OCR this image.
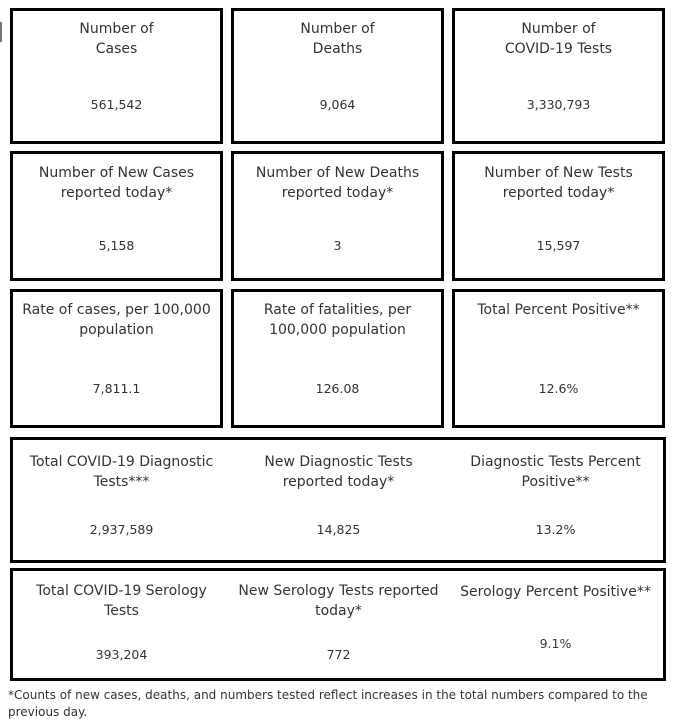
Number of
Cases
561,542
Number of
Deaths
9,064
Number of
COVID-19 Tests
3,330,793
Number of New Cases
reported today*
5,158
Number of New Deaths
reported today*
3
Number of New Tests
reported today*
15,597
Rate of cases, per 100,000
population
7,811.1
Rate of fatalities, per
100,000 population
126.08
Total Percent Positive**
12.6%
Total COVID-19 Diagnostic
Tests***
2,937,589
New Diagnostic Tests
reported today*
14,825
Diagnostic Tests Percent
Positive**
13.2%
Total COVID-19 Serology
Tests
393,204
New Serology Tests reported
today*
772
Serology Percent Positive**
9.1%
*Counts of new cases, deaths, and numbers tested reflect increases in the total numbers compared to the previous day.
